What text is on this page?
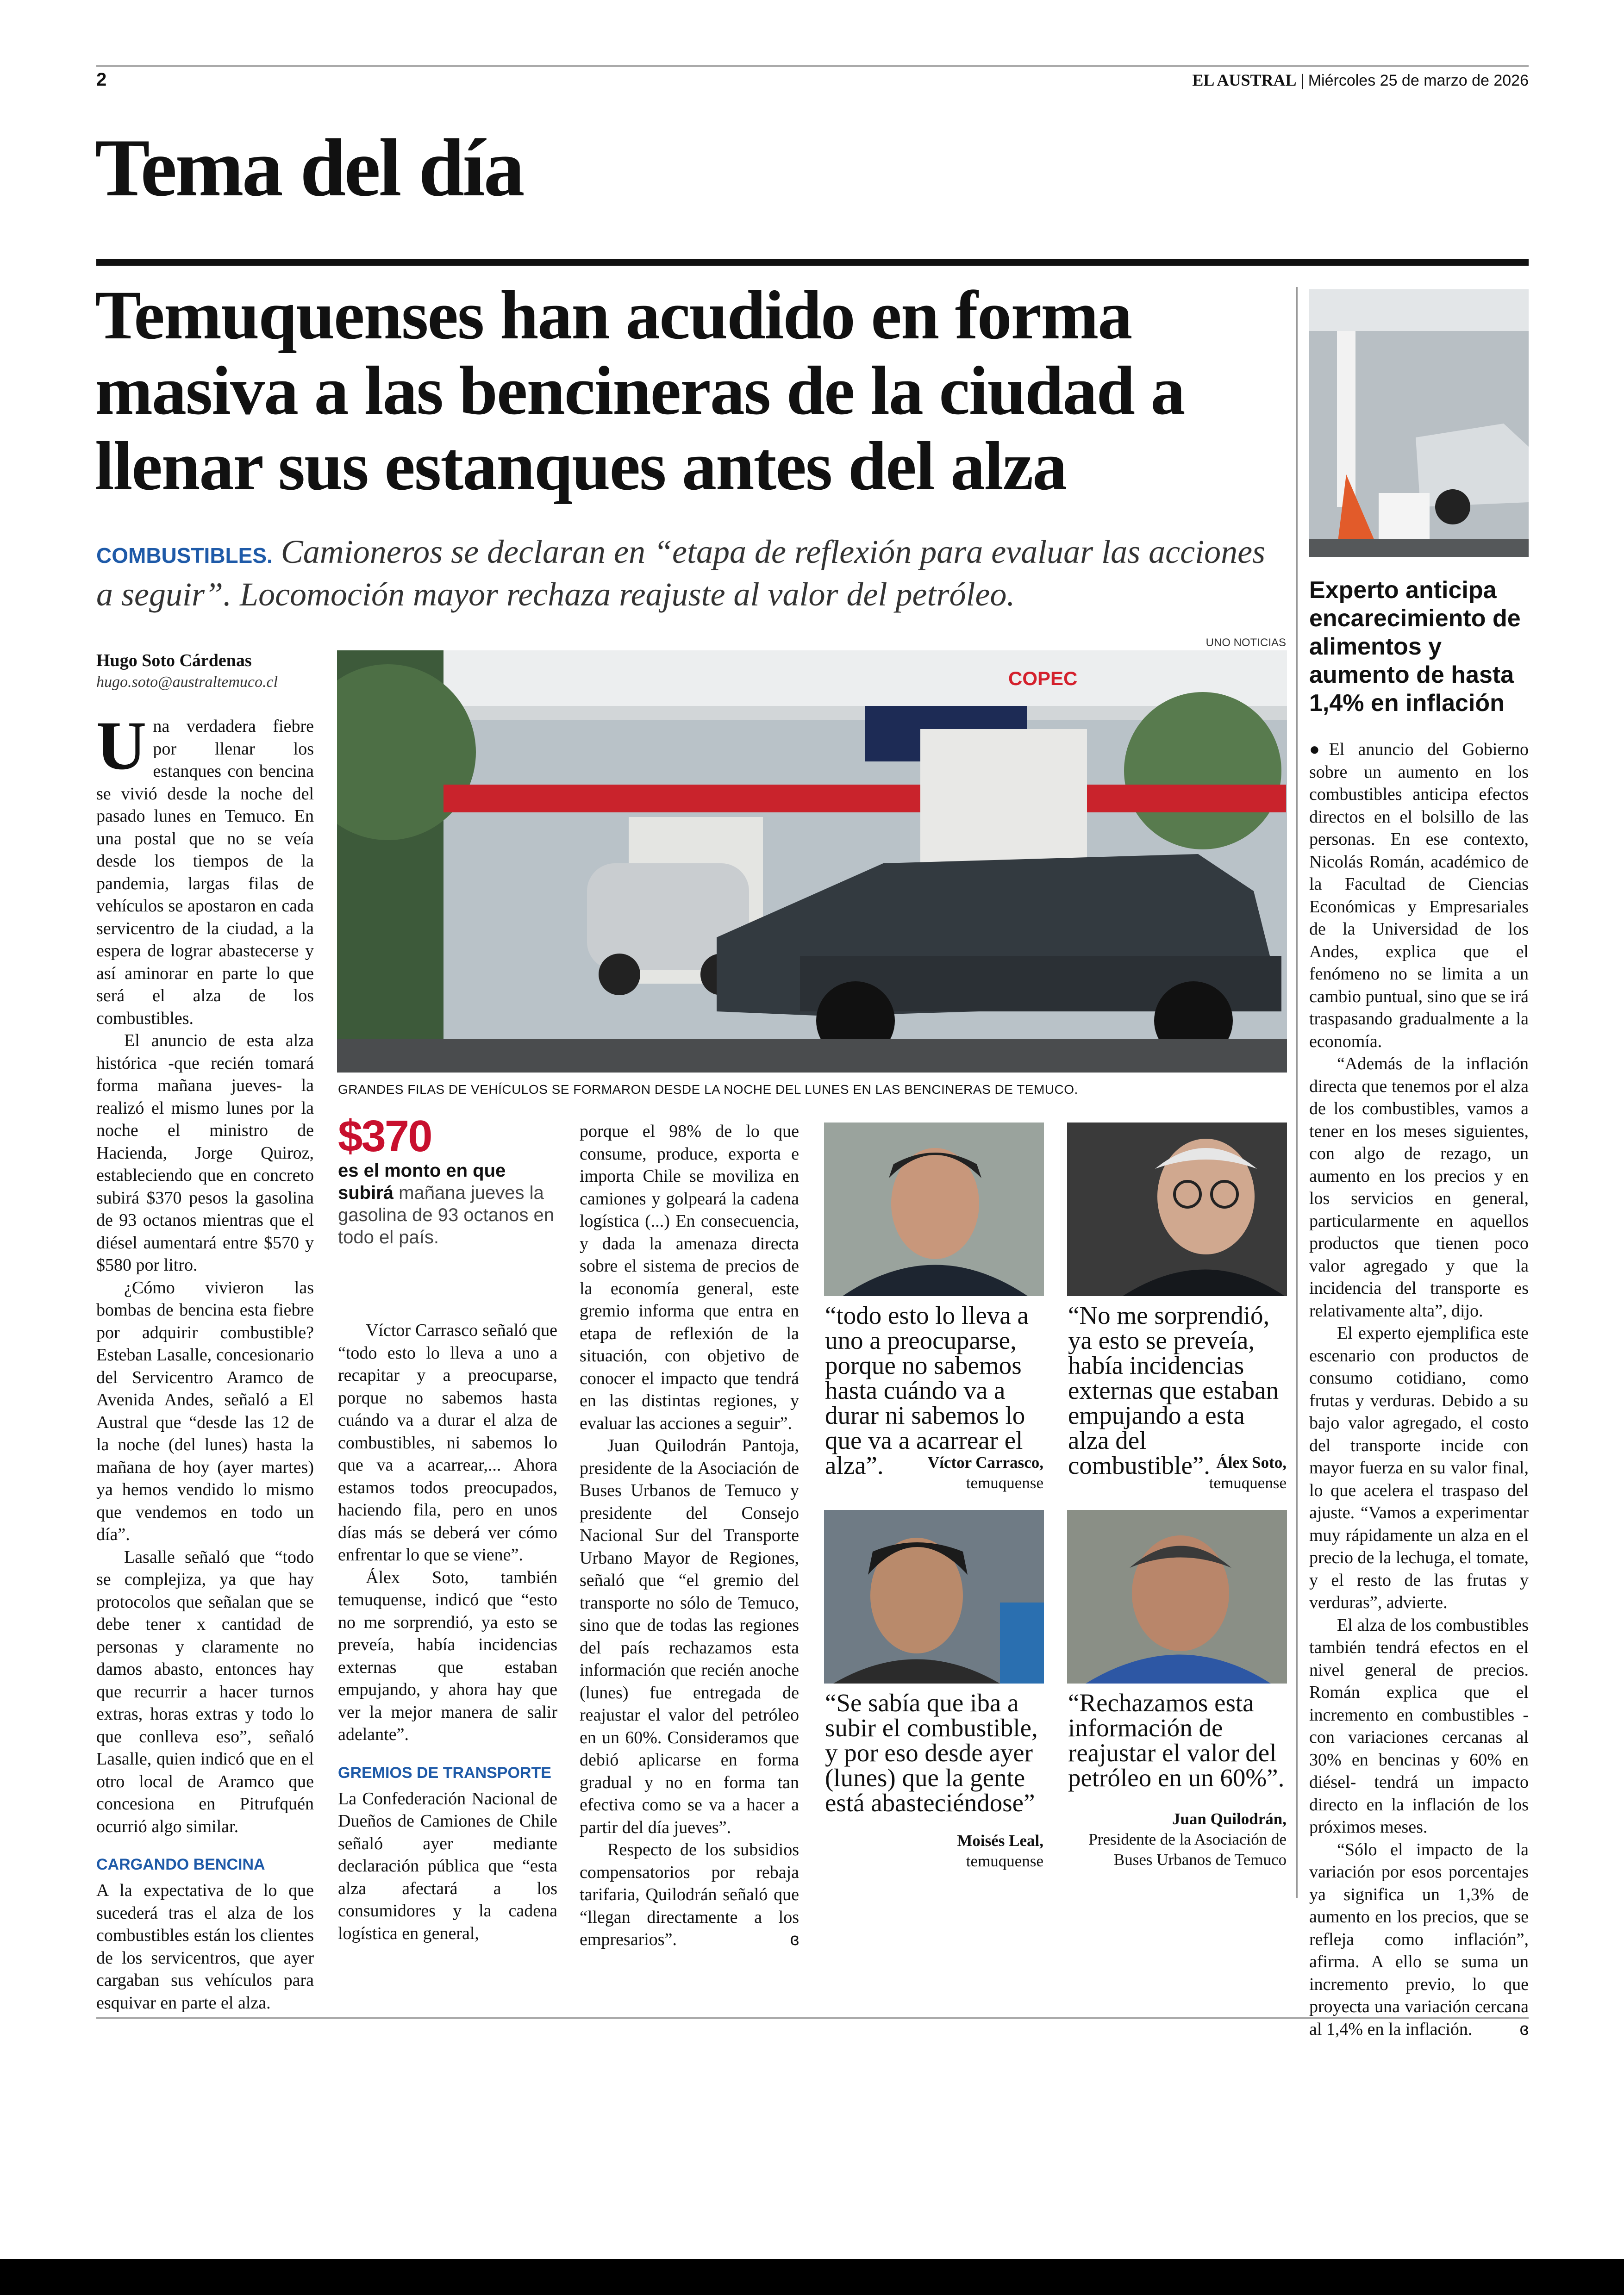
2	EL AUSTRAL | Miércoles 25 de marzo de 2026
Tema del día
Temuquenses han acudido en forma masiva a las bencineras de la ciudad a llenar sus estanques antes del alza
COMBUSTIBLES. Camioneros se declaran en “etapa de reflexión para evaluar las acciones a seguir”. Locomoción mayor rechaza reajuste al valor del petróleo.
Hugo Soto Cárdenas
hugo.soto@australtemuco.cl
UNO NOTICIAS
COPEC
GRANDES FILAS DE VEHÍCULOS SE FORMARON DESDE LA NOCHE DEL LUNES EN LAS BENCINERAS DE TEMUCO.

Una verdadera fiebre por llenar los estanques con bencina se vivió desde la noche del pasado lunes en Temuco. En una postal que no se veía desde los tiempos de la pandemia, largas filas de vehículos se apostaron en cada servicentro de la ciudad, a la espera de lograr abastecerse y así aminorar en parte lo que será el alza de los combustibles.

El anuncio de esta alza histórica -que recién tomará forma mañana jueves- la realizó el mismo lunes por la noche el ministro de Hacienda, Jorge Quiroz, estableciendo que en concreto subirá $370 pesos la gasolina de 93 octanos mientras que el diésel aumentará entre $570 y $580 por litro.

¿Cómo vivieron las bombas de bencina esta fiebre por adquirir combustible? Esteban Lasalle, concesionario del Servicentro Aramco de Avenida Andes, señaló a El Austral que “desde las 12 de la noche (del lunes) hasta la mañana de hoy (ayer martes) ya hemos vendido lo mismo que vendemos en todo un día”.

Lasalle señaló que “todo se complejiza, ya que hay protocolos que señalan que se debe tener x cantidad de personas y claramente no damos abasto, entonces hay que recurrir a hacer turnos extras, horas extras y todo lo que conlleva eso”, señaló Lasalle, quien indicó que en el otro local de Aramco que concesiona en Pitrufquén ocurrió algo similar.

CARGANDO BENCINA

A la expectativa de lo que sucederá tras el alza de los combustibles están los clientes de los servicentros, que ayer cargaban sus vehículos para esquivar en parte el alza.

$370
es el monto en que subirá mañana jueves la gasolina de 93 octanos en todo el país.

Víctor Carrasco señaló que “todo esto lo lleva a uno a recapitar y a preocuparse, porque no sabemos hasta cuándo va a durar el alza de combustibles, ni sabemos lo que va a acarrear,... Ahora estamos todos preocupados, haciendo fila, pero en unos días más se deberá ver cómo enfrentar lo que se viene”.

Álex Soto, también temuquense, indicó que “esto no me sorprendió, ya esto se preveía, había incidencias externas que estaban empujando, y ahora hay que ver la mejor manera de salir adelante”.

GREMIOS DE TRANSPORTE

La Confederación Nacional de Dueños de Camiones de Chile señaló ayer mediante declaración pública que “esta alza afectará a los consumidores y la cadena logística en general,

porque el 98% de lo que consume, produce, exporta e importa Chile se moviliza en camiones y golpeará la cadena logística (...) En consecuencia, y dada la amenaza directa sobre el sistema de precios de la economía general, este gremio informa que entra en etapa de reflexión de la situación, con objetivo de conocer el impacto que tendrá en las distintas regiones, y evaluar las acciones a seguir”.

Juan Quilodrán Pantoja, presidente de la Asociación de Buses Urbanos de Temuco y presidente del Consejo Nacional Sur del Transporte Urbano Mayor de Regiones, señaló que “el gremio del transporte no sólo de Temuco, sino que de todas las regiones del país rechazamos esta información que recién anoche (lunes) fue entregada de reajustar el valor del petróleo en un 60%. Consideramos que debió aplicarse en forma gradual y no en forma tan efectiva como se va a hacer a partir del día jueves”.

Respecto de los subsidios compensatorios por rebaja tarifaria, Quilodrán señaló que “llegan directamente a los empresarios”.	ɞ

“todo esto lo lleva a uno a preocuparse, porque no sabemos hasta cuándo va a durar ni sabemos lo que va a acarrear el alza”.	Víctor Carrasco,
temuquense
“No me sorprendió, ya esto se preveía, había incidencias externas que estaban empujando a esta alza del combustible”. Álex Soto,
temuquense
“Se sabía que iba a subir el combustible, y por eso desde ayer (lunes) que la gente está abasteciéndose”
Moisés Leal,
temuquense
“Rechazamos esta información de reajustar el valor del petróleo en un 60%”.
Juan Quilodrán,
Presidente de la Asociación de Buses Urbanos de Temuco
Experto anticipa encarecimiento de alimentos y aumento de hasta 1,4% en inflación

●El anuncio del Gobierno sobre un aumento en los combustibles anticipa efectos directos en el bolsillo de las personas. En ese contexto, Nicolás Román, académico de la Facultad de Ciencias Económicas y Empresariales de la Universidad de los Andes, explica que el fenómeno no se limita a un cambio puntual, sino que se irá traspasando gradualmente a la economía.

“Además de la inflación directa que tenemos por el alza de los combustibles, vamos a tener en los meses siguientes, con algo de rezago, un aumento en los precios y en los servicios en general, particularmente en aquellos productos que tienen poco valor agregado y que la incidencia del transporte es relativamente alta”, dijo.

El experto ejemplifica este escenario con productos de consumo cotidiano, como frutas y verduras. Debido a su bajo valor agregado, el costo del transporte incide con mayor fuerza en su valor final, lo que acelera el traspaso del ajuste. “Vamos a experimentar muy rápidamente un alza en el precio de la lechuga, el tomate, y el resto de las frutas y verduras”, advierte.

El alza de los combustibles también tendrá efectos en el nivel general de precios. Román explica que el incremento en combustibles -con variaciones cercanas al 30% en bencinas y 60% en diésel- tendrá un impacto directo en la inflación de los próximos meses.

“Sólo el impacto de la variación por esos porcentajes ya significa un 1,3% de aumento en los precios, que se refleja como inflación”, afirma. A ello se suma un incremento previo, lo que proyecta una variación cercana al 1,4% en la inflación.	ɞ
